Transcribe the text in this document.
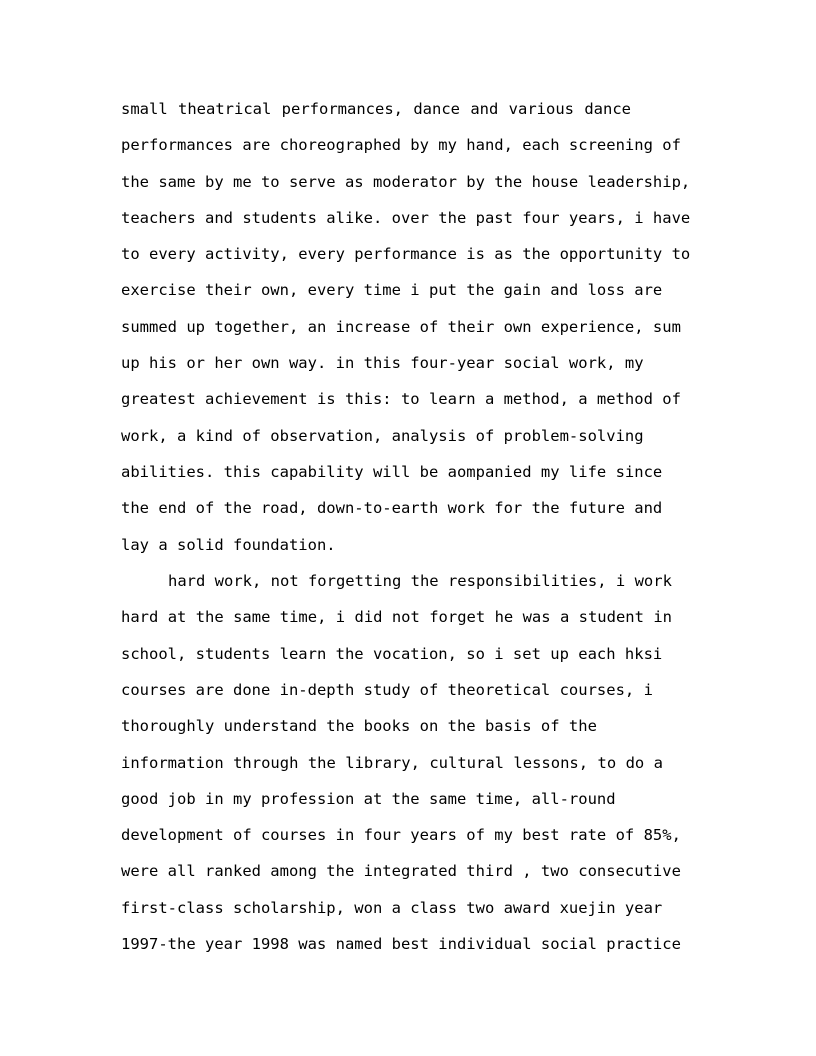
small theatrical performances, dance and various dance
performances are choreographed by my hand, each screening of
the same by me to serve as moderator by the house leadership,
teachers and students alike. over the past four years, i have
to every activity, every performance is as the opportunity to
exercise their own, every time i put the gain and loss are
summed up together, an increase of their own experience, sum
up his or her own way. in this four-year social work, my
greatest achievement is this: to learn a method, a method of
work, a kind of observation, analysis of problem-solving
abilities. this capability will be aompanied my life since
the end of the road, down-to-earth work for the future and
lay a solid foundation.
hard work, not forgetting the responsibilities, i work
hard at the same time, i did not forget he was a student in
school, students learn the vocation, so i set up each hksi
courses are done in-depth study of theoretical courses, i
thoroughly understand the books on the basis of the
information through the library, cultural lessons, to do a
good job in my profession at the same time, all-round
development of courses in four years of my best rate of 85%,
were all ranked among the integrated third , two consecutive
first-class scholarship, won a class two award xuejin year
1997-the year 1998 was named best individual social practice
